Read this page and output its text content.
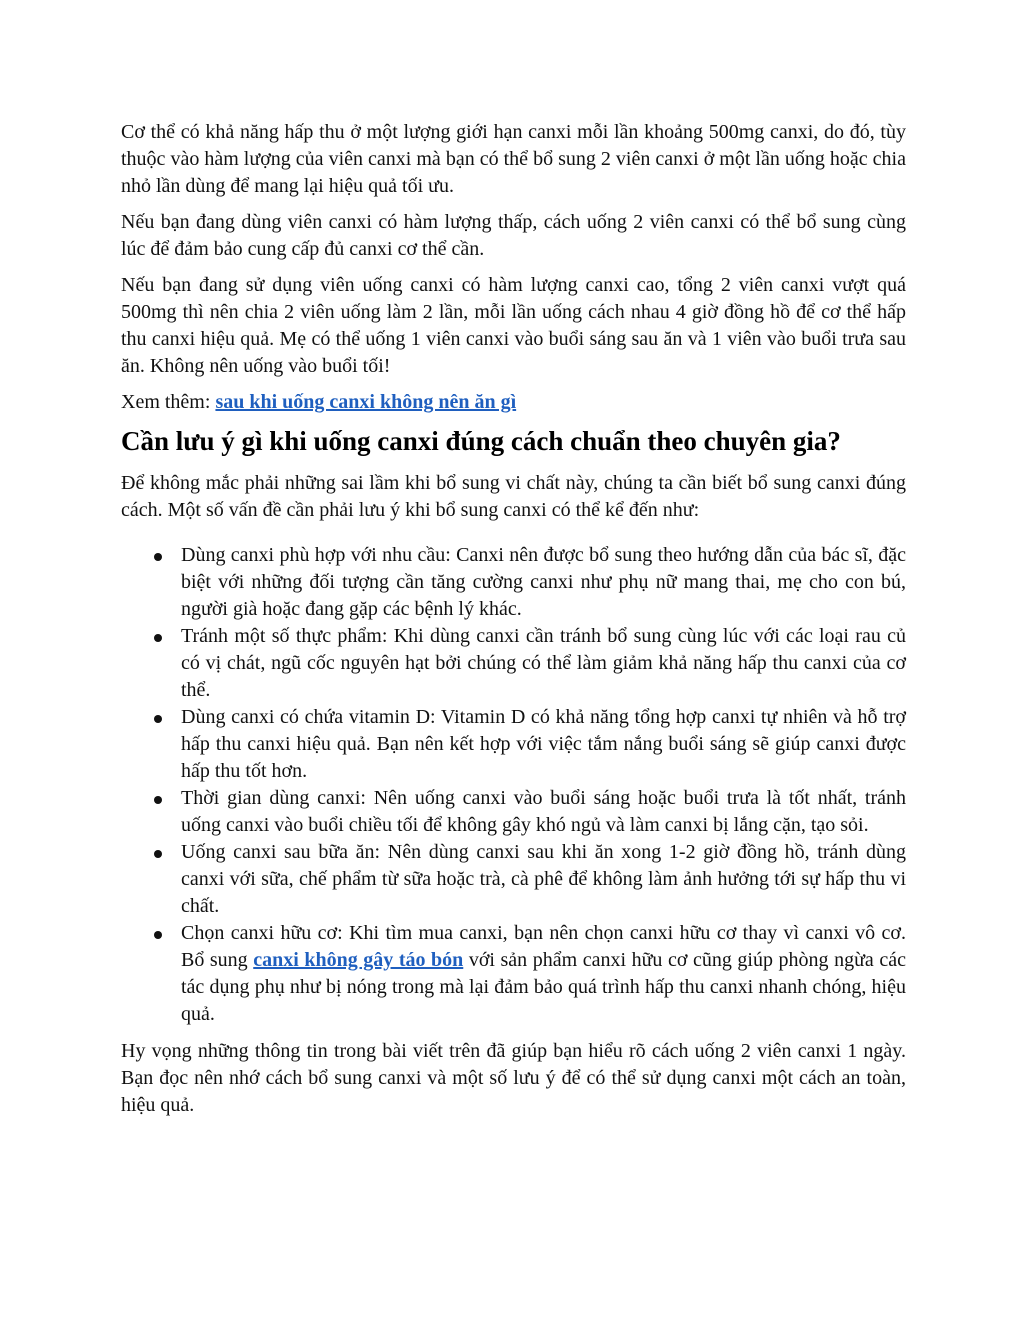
Cơ thể có khả năng hấp thu ở một lượng giới hạn canxi mỗi lần khoảng 500mg canxi, do đó, tùy thuộc vào hàm lượng của viên canxi mà bạn có thể bổ sung 2 viên canxi ở một lần uống hoặc chia nhỏ lần dùng để mang lại hiệu quả tối ưu.

Nếu bạn đang dùng viên canxi có hàm lượng thấp, cách uống 2 viên canxi có thể bổ sung cùng lúc để đảm bảo cung cấp đủ canxi cơ thể cần.

Nếu bạn đang sử dụng viên uống canxi có hàm lượng canxi cao, tổng 2 viên canxi vượt quá 500mg thì nên chia 2 viên uống làm 2 lần, mỗi lần uống cách nhau 4 giờ đồng hồ để cơ thể hấp thu canxi hiệu quả. Mẹ có thể uống 1 viên canxi vào buổi sáng sau ăn và 1 viên vào buổi trưa sau ăn. Không nên uống vào buổi tối!

Xem thêm: sau khi uống canxi không nên ăn gì

Cần lưu ý gì khi uống canxi đúng cách chuẩn theo chuyên gia?

Để không mắc phải những sai lầm khi bổ sung vi chất này, chúng ta cần biết bổ sung canxi đúng cách. Một số vấn đề cần phải lưu ý khi bổ sung canxi có thể kể đến như:

Dùng canxi phù hợp với nhu cầu: Canxi nên được bổ sung theo hướng dẫn của bác sĩ, đặc biệt với những đối tượng cần tăng cường canxi như phụ nữ mang thai, mẹ cho con bú, người già hoặc đang gặp các bệnh lý khác.
Tránh một số thực phẩm: Khi dùng canxi cần tránh bổ sung cùng lúc với các loại rau củ có vị chát, ngũ cốc nguyên hạt bởi chúng có thể làm giảm khả năng hấp thu canxi của cơ thể.
Dùng canxi có chứa vitamin D: Vitamin D có khả năng tổng hợp canxi tự nhiên và hỗ trợ hấp thu canxi hiệu quả. Bạn nên kết hợp với việc tắm nắng buổi sáng sẽ giúp canxi được hấp thu tốt hơn.
Thời gian dùng canxi: Nên uống canxi vào buổi sáng hoặc buổi trưa là tốt nhất, tránh uống canxi vào buổi chiều tối để không gây khó ngủ và làm canxi bị lắng cặn, tạo sỏi.
Uống canxi sau bữa ăn: Nên dùng canxi sau khi ăn xong 1-2 giờ đồng hồ, tránh dùng canxi với sữa, chế phẩm từ sữa hoặc trà, cà phê để không làm ảnh hưởng tới sự hấp thu vi chất.
Chọn canxi hữu cơ: Khi tìm mua canxi, bạn nên chọn canxi hữu cơ thay vì canxi vô cơ. Bổ sung canxi không gây táo bón với sản phẩm canxi hữu cơ cũng giúp phòng ngừa các tác dụng phụ như bị nóng trong mà lại đảm bảo quá trình hấp thu canxi nhanh chóng, hiệu quả.

Hy vọng những thông tin trong bài viết trên đã giúp bạn hiểu rõ cách uống 2 viên canxi 1 ngày. Bạn đọc nên nhớ cách bổ sung canxi và một số lưu ý để có thể sử dụng canxi một cách an toàn, hiệu quả.
